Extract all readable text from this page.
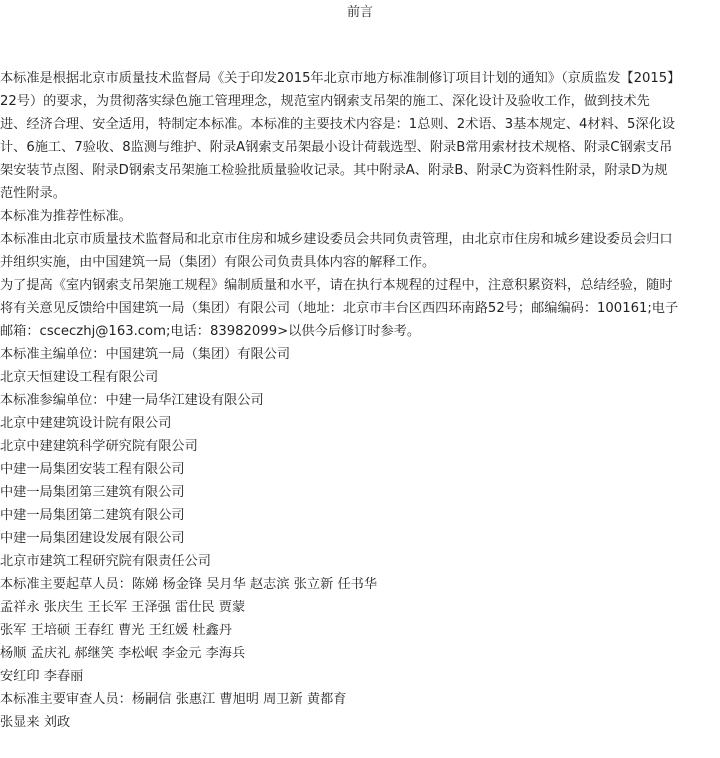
前言
本标准是根据北京市质量技术监督局《关于印发2015年北京市地方标准制修订项目计划的通知》（京质监发【2015】
22号）的要求，为贯彻落实绿色施工管理理念，规范室内钢索支吊架的施工、深化设计及验收工作，做到技术先
进、经济合理、安全适用，特制定本标准。本标准的主要技术内容是：1总则、2术语、3基本规定、4材料、5深化设
计、6施工、7验收、8监测与维护、附录A钢索支吊架最小设计荷载选型、附录B常用索材技术规格、附录C钢索支吊
架安装节点图、附录D钢索支吊架施工检验批质量验收记录。其中附录A、附录B、附录C为资料性附录，附录D为规
范性附录。
本标准为推荐性标准。
本标准由北京市质量技术监督局和北京市住房和城乡建设委员会共同负责管理，由北京市住房和城乡建设委员会归口
并组织实施，由中国建筑一局（集团）有限公司负责具体内容的解释工作。
为了提高《室内钢索支吊架施工规程》编制质量和水平，请在执行本规程的过程中，注意积累资料，总结经验，随时
将有关意见反馈给中国建筑一局（集团）有限公司（地址：北京市丰台区西四环南路52号；邮编编码：100161;电子
邮箱：csceczhj@163.com;电话：83982099>以供今后修订时参考。
本标准主编单位：中国建筑一局（集团）有限公司
北京天恒建设工程有限公司
本标准参编单位：中建一局华江建设有限公司
北京中建建筑设计院有限公司
北京中建建筑科学研究院有限公司
中建一局集团安装工程有限公司
中建一局集团第三建筑有限公司
中建一局集团第二建筑有限公司
中建一局集团建设发展有限公司
北京市建筑工程研究院有限责任公司
本标准主要起草人员：陈娣 杨金锋 吴月华 赵志滨 张立新 任书华
孟祥永 张庆生 王长军 王泽强 雷仕民 贾蒙
张军 王培硕 王春红 曹光 王红媛 杜鑫丹
杨顺 孟庆礼 郝继笑 李松岷 李金元 李海兵
安红印 李春丽
本标准主要审查人员：杨嗣信 张惠江 曹旭明 周卫新 黄都育
张显来 刘政
